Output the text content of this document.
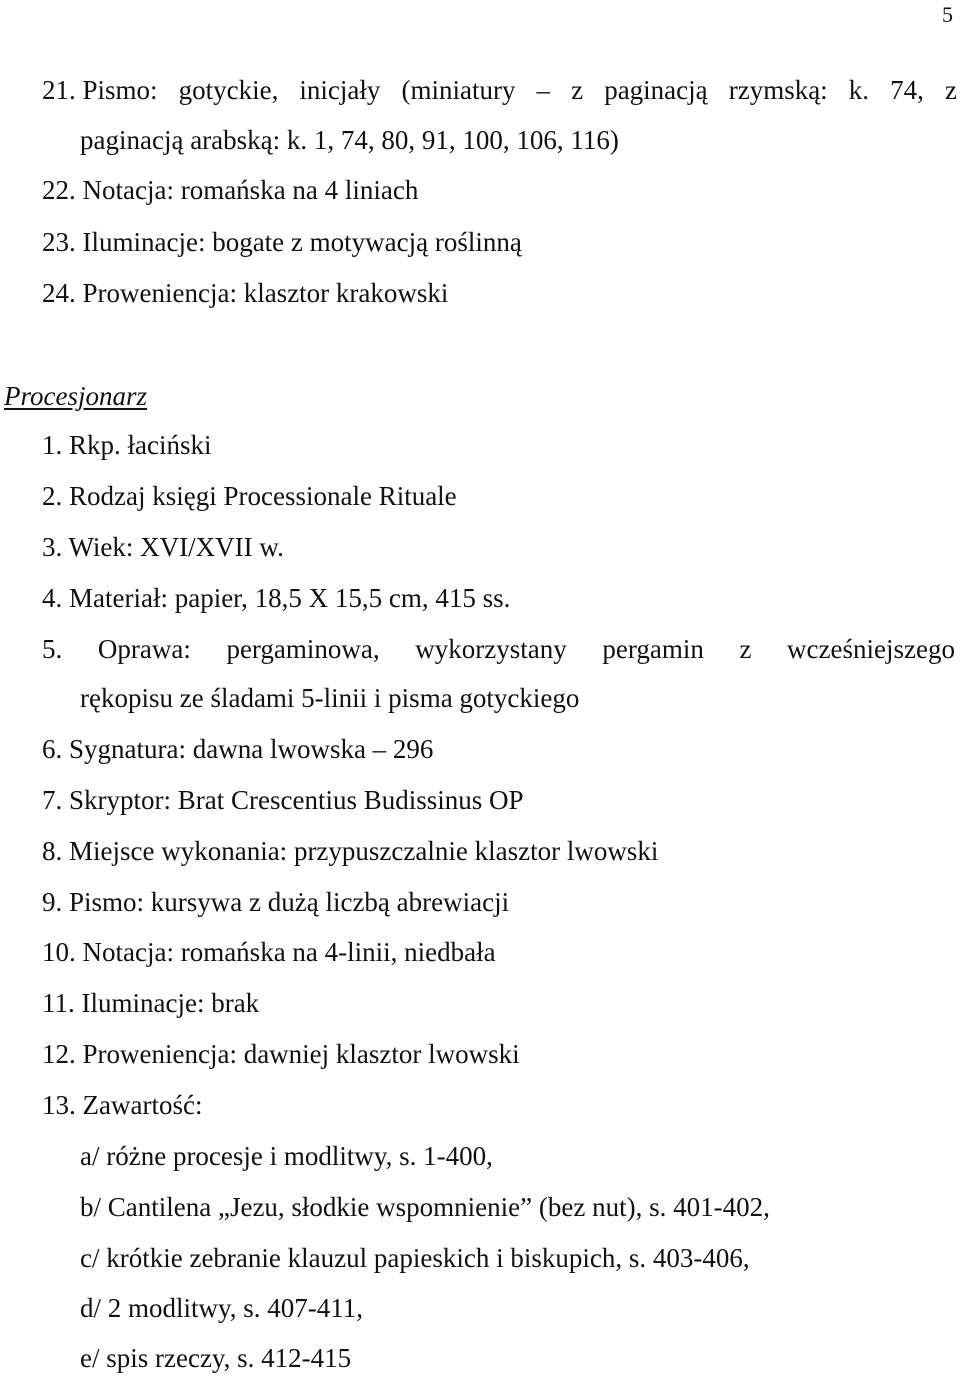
5
21. Pismo: gotyckie, inicjały (miniatury – z paginacją rzymską: k. 74, z
paginacją arabską: k. 1, 74, 80, 91, 100, 106, 116)
22. Notacja: romańska na 4 liniach
23. Iluminacje: bogate z motywacją roślinną
24. Proweniencja: klasztor krakowski
Procesjonarz
1. Rkp. łaciński
2. Rodzaj księgi Processionale Rituale
3. Wiek: XVI/XVII w.
4. Materiał: papier, 18,5 X 15,5 cm, 415 ss.
5. Oprawa: pergaminowa, wykorzystany pergamin z wcześniejszego
rękopisu ze śladami 5-linii i pisma gotyckiego
6. Sygnatura: dawna lwowska – 296
7. Skryptor: Brat Crescentius Budissinus OP
8. Miejsce wykonania: przypuszczalnie klasztor lwowski
9. Pismo: kursywa z dużą liczbą abrewiacji
10. Notacja: romańska na 4-linii, niedbała
11. Iluminacje: brak
12. Proweniencja: dawniej klasztor lwowski
13. Zawartość:
a/ różne procesje i modlitwy, s. 1-400,
b/ Cantilena „Jezu, słodkie wspomnienie” (bez nut), s. 401-402,
c/ krótkie zebranie klauzul papieskich i biskupich, s. 403-406,
d/ 2 modlitwy, s. 407-411,
e/ spis rzeczy, s. 412-415
